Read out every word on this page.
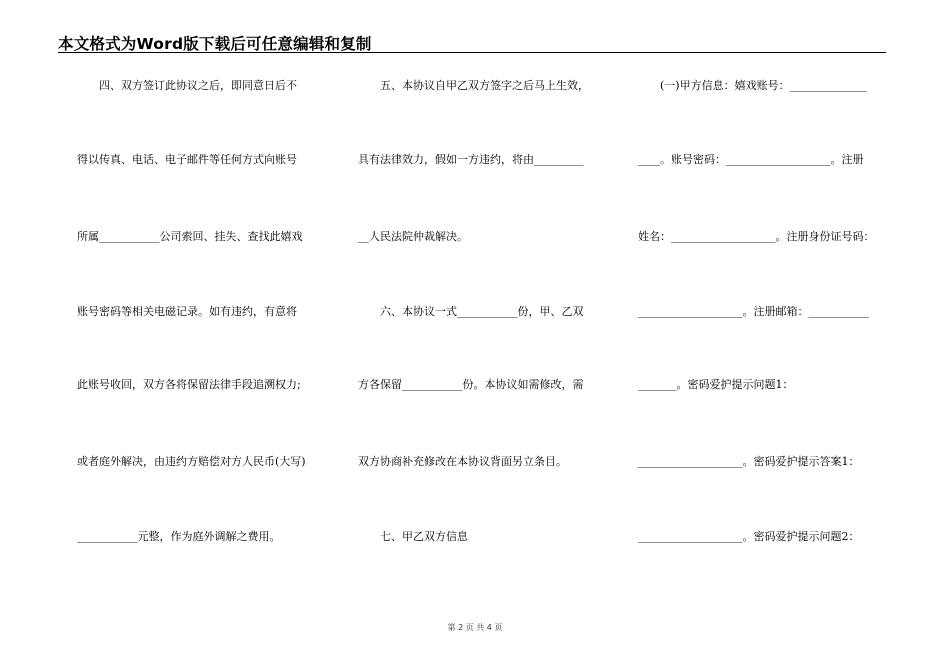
本文格式为Word版下载后可任意编辑和复制
　　四、双方签订此协议之后，即同意日后不
得以传真、电话、电子邮件等任何方式向账号
所属___________公司索回、挂失、查找此嬉戏
账号密码等相关电磁记录。如有违约，有意将
此账号收回，双方各将保留法律手段追溯权力;
或者庭外解决，由违约方赔偿对方人民币(大写)
___________元整，作为庭外调解之费用。
　　五、本协议自甲乙双方签字之后马上生效，
具有法律效力，假如一方违约，将由_________
__人民法院仲裁解决。
　　六、本协议一式___________份，甲、乙双
方各保留___________份。本协议如需修改，需
双方协商补充修改在本协议背面另立条目。
　　七、甲乙双方信息
　　(一)甲方信息：嬉戏账号：______________
____。账号密码：___________________。注册
姓名：___________________。注册身份证号码：
___________________。注册邮箱：___________
_______。密码爱护提示问题1：
___________________。密码爱护提示答案1：
___________________。密码爱护提示问题2：
第 2 页 共 4 页
